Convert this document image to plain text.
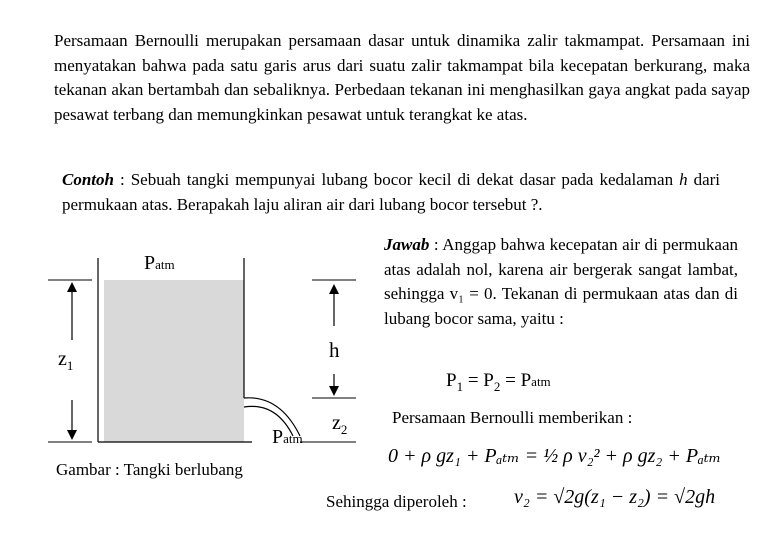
Persamaan Bernoulli merupakan persamaan dasar untuk dinamika zalir takmampat. Persamaan ini menyatakan bahwa pada satu garis arus dari suatu zalir takmampat bila kecepatan berkurang, maka tekanan akan bertambah dan sebaliknya. Perbedaan tekanan ini menghasilkan gaya angkat pada sayap pesawat terbang dan memungkinkan pesawat untuk terangkat ke atas.
Contoh : Sebuah tangki mempunyai lubang bocor kecil di dekat dasar pada kedalaman h dari permukaan atas. Berapakah laju aliran air dari lubang bocor tersebut ?.
Jawab : Anggap bahwa kecepatan air di permukaan atas adalah nol, karena air bergerak sangat lambat, sehingga v₁ = 0. Tekanan di permukaan atas dan di lubang bocor sama, yaitu :
Patm
$z_1$
h
$z_2$
Patm
Gambar : Tangki berlubang
$P_1 = P_2$ = Patm
Persamaan Bernoulli memberikan :
0 + ρ gz₁ + Pₐₜₘ = ½ ρ v₂² + ρ gz₂ + Pₐₜₘ
Sehingga diperoleh : v₂ = √2g(z₁ − z₂) = √2gh
